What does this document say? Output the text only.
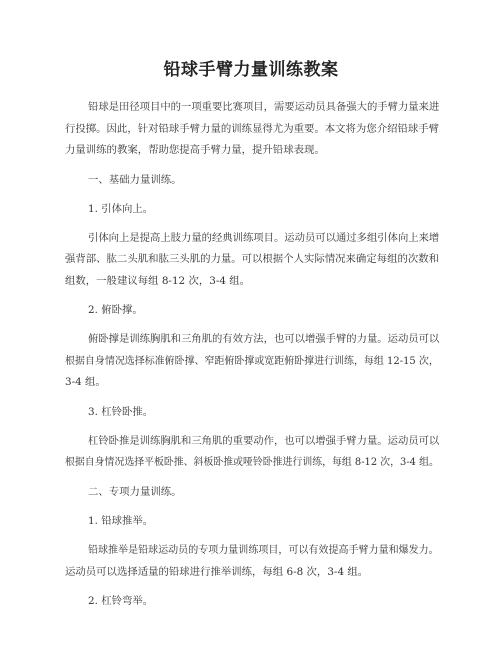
铅球手臂力量训练教案
铅球是田径项目中的一项重要比赛项目，需要运动员具备强大的手臂力量来进
行投掷。因此，针对铅球手臂力量的训练显得尤为重要。本文将为您介绍铅球手臂
力量训练的教案，帮助您提高手臂力量，提升铅球表现。
一、基础力量训练。
1. 引体向上。
引体向上是提高上肢力量的经典训练项目。运动员可以通过多组引体向上来增
强背部、肱二头肌和肱三头肌的力量。可以根据个人实际情况来确定每组的次数和
组数，一般建议每组 8-12 次，3-4 组。
2. 俯卧撑。
俯卧撑是训练胸肌和三角肌的有效方法，也可以增强手臂的力量。运动员可以
根据自身情况选择标准俯卧撑、窄距俯卧撑或宽距俯卧撑进行训练，每组 12-15 次，
3-4 组。
3. 杠铃卧推。
杠铃卧推是训练胸肌和三角肌的重要动作，也可以增强手臂力量。运动员可以
根据自身情况选择平板卧推、斜板卧推或哑铃卧推进行训练，每组 8-12 次，3-4 组。
二、专项力量训练。
1. 铅球推举。
铅球推举是铅球运动员的专项力量训练项目，可以有效提高手臂力量和爆发力。
运动员可以选择适量的铅球进行推举训练，每组 6-8 次，3-4 组。
2. 杠铃弯举。
